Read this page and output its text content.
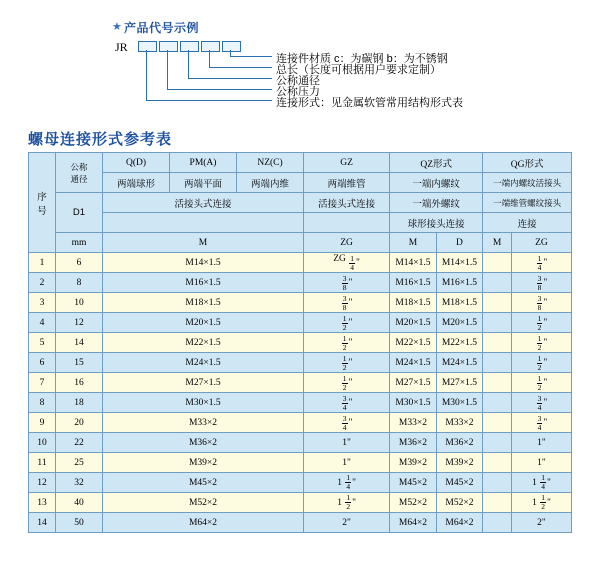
★ 产品代号示例
JR
连接件材质 c：为碳钢 b：为不锈钢
总长（长度可根据用户要求定制）
公称通径
公称压力
连接形式：见金属软管常用结构形式表
螺母连接形式参考表
序
号	公称
通径	Q(D)	PM(A)	NZ(C)	GZ	QZ形式		QG形式	
		两端球形	两端平面	两端内维	两端维管	一端内螺纹		一端内螺纹活接头	
	D1	活接头式连接			活接头式连接	一端外螺纹		一端维管螺纹接头	
						球形接头连接		连接	
	mm	M			ZG	M	D	M	ZG
1	6	M14×1.5			ZG $\frac{1}{4}$ "	M14×1.5	M14×1.5		$\frac{1}{4}$ "
2	8	M16×1.5			$\frac{3}{8}$ "	M16×1.5	M16×1.5		$\frac{3}{8}$ "
3	10	M18×1.5			$\frac{3}{8}$ "	M18×1.5	M18×1.5		$\frac{3}{8}$ "
4	12	M20×1.5			$\frac{1}{2}$ "	M20×1.5	M20×1.5		$\frac{1}{2}$ "
5	14	M22×1.5			$\frac{1}{2}$ "	M22×1.5	M22×1.5		$\frac{1}{2}$ "
6	15	M24×1.5			$\frac{1}{2}$ "	M24×1.5	M24×1.5		$\frac{1}{2}$ "
7	16	M27×1.5			$\frac{1}{2}$ "	M27×1.5	M27×1.5		$\frac{1}{2}$ "
8	18	M30×1.5			$\frac{3}{4}$ "	M30×1.5	M30×1.5		$\frac{3}{4}$ "
9	20	M33×2			$\frac{3}{4}$ "	M33×2	M33×2		$\frac{3}{4}$ "
10	22	M36×2			1"	M36×2	M36×2		1"
11	25	M39×2			1"	M39×2	M39×2		1"
12	32	M45×2			$1 \frac{1}{4}$ "	M45×2	M45×2		$1 \frac{1}{4}$ "
13	40	M52×2			$1 \frac{1}{2}$ "	M52×2	M52×2		$1 \frac{1}{2}$ "
14	50	M64×2			2"	M64×2	M64×2		2"
